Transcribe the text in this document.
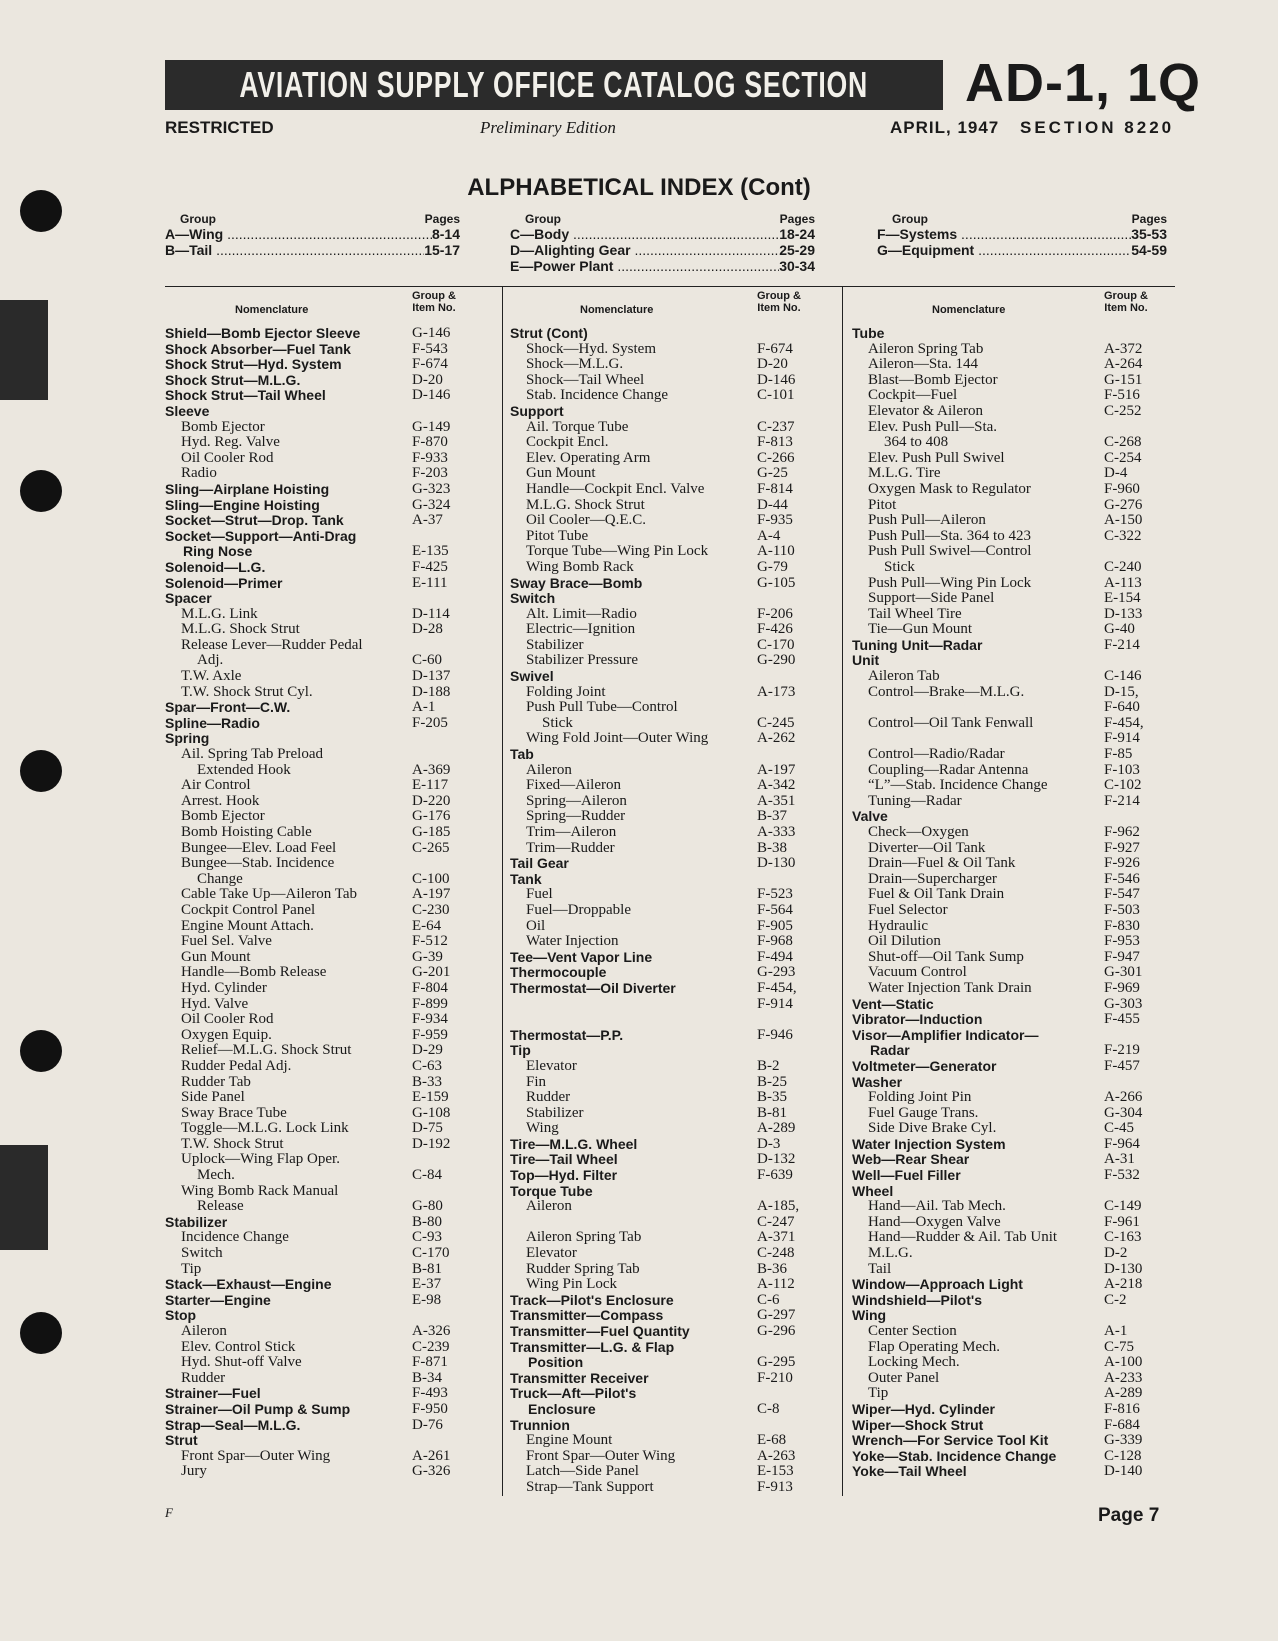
AVIATION SUPPLY OFFICE CATALOG SECTION	AD-1, 1Q
RESTRICTED	Preliminary Edition	APRIL, 1947 SECTION 8220
ALPHABETICAL INDEX (Cont)
Group	Pages
A—Wing .....	8-14
B—Tail .....	15-17
Group	Pages
C—Body .....	18-24
D—Alighting Gear .....	25-29
E—Power Plant .....	30-34
Group	Pages
F—Systems .....	35-53
G—Equipment .....	54-59
Nomenclature
Group &
Item No.
Shield—Bomb Ejector Sleeve	G-146
Shock Absorber—Fuel Tank	F-543
Shock Strut—Hyd. System	F-674
Shock Strut—M.L.G.	D-20
Shock Strut—Tail Wheel	D-146
Sleeve
Bomb Ejector	G-149
Hyd. Reg. Valve	F-870
Oil Cooler Rod	F-933
Radio	F-203
Sling—Airplane Hoisting	G-323
Sling—Engine Hoisting	G-324
Socket—Strut—Drop. Tank	A-37
Socket—Support—Anti-Drag
Ring Nose	E-135
Solenoid—L.G.	F-425
Solenoid—Primer	E-111
Spacer
M.L.G. Link	D-114
M.L.G. Shock Strut	D-28
Release Lever—Rudder Pedal
Adj.	C-60
T.W. Axle	D-137
T.W. Shock Strut Cyl.	D-188
Spar—Front—C.W.	A-1
Spline—Radio	F-205
Spring
Ail. Spring Tab Preload
Extended Hook	A-369
Air Control	E-117
Arrest. Hook	D-220
Bomb Ejector	G-176
Bomb Hoisting Cable	G-185
Bungee—Elev. Load Feel	C-265
Bungee—Stab. Incidence
Change	C-100
Cable Take Up—Aileron Tab	A-197
Cockpit Control Panel	C-230
Engine Mount Attach.	E-64
Fuel Sel. Valve	F-512
Gun Mount	G-39
Handle—Bomb Release	G-201
Hyd. Cylinder	F-804
Hyd. Valve	F-899
Oil Cooler Rod	F-934
Oxygen Equip.	F-959
Relief—M.L.G. Shock Strut	D-29
Rudder Pedal Adj.	C-63
Rudder Tab	B-33
Side Panel	E-159
Sway Brace Tube	G-108
Toggle—M.L.G. Lock Link	D-75
T.W. Shock Strut	D-192
Uplock—Wing Flap Oper.
Mech.	C-84
Wing Bomb Rack Manual
Release	G-80
Stabilizer	B-80
Incidence Change	C-93
Switch	C-170
Tip	B-81
Stack—Exhaust—Engine	E-37
Starter—Engine	E-98
Stop
Aileron	A-326
Elev. Control Stick	C-239
Hyd. Shut-off Valve	F-871
Rudder	B-34
Strainer—Fuel	F-493
Strainer—Oil Pump & Sump	F-950
Strap—Seal—M.L.G.	D-76
Strut
Front Spar—Outer Wing	A-261
Jury	G-326
Nomenclature
Group &
Item No.
Strut (Cont)
Shock—Hyd. System	F-674
Shock—M.L.G.	D-20
Shock—Tail Wheel	D-146
Stab. Incidence Change	C-101
Support
Ail. Torque Tube	C-237
Cockpit Encl.	F-813
Elev. Operating Arm	C-266
Gun Mount	G-25
Handle—Cockpit Encl. Valve	F-814
M.L.G. Shock Strut	D-44
Oil Cooler—Q.E.C.	F-935
Pitot Tube	A-4
Torque Tube—Wing Pin Lock	A-110
Wing Bomb Rack	G-79
Sway Brace—Bomb	G-105
Switch
Alt. Limit—Radio	F-206
Electric—Ignition	F-426
Stabilizer	C-170
Stabilizer Pressure	G-290
Swivel
Folding Joint	A-173
Push Pull Tube—Control
Stick	C-245
Wing Fold Joint—Outer Wing	A-262
Tab
Aileron	A-197
Fixed—Aileron	A-342
Spring—Aileron	A-351
Spring—Rudder	B-37
Trim—Aileron	A-333
Trim—Rudder	B-38
Tail Gear	D-130
Tank
Fuel	F-523
Fuel—Droppable	F-564
Oil	F-905
Water Injection	F-968
Tee—Vent Vapor Line	F-494
Thermocouple	G-293
Thermostat—Oil Diverter	F-454,
F-914
Thermostat—P.P.	F-946
Tip
Elevator	B-2
Fin	B-25
Rudder	B-35
Stabilizer	B-81
Wing	A-289
Tire—M.L.G. Wheel	D-3
Tire—Tail Wheel	D-132
Top—Hyd. Filter	F-639
Torque Tube
Aileron	A-185,
C-247
Aileron Spring Tab	A-371
Elevator	C-248
Rudder Spring Tab	B-36
Wing Pin Lock	A-112
Track—Pilot's Enclosure	C-6
Transmitter—Compass	G-297
Transmitter—Fuel Quantity	G-296
Transmitter—L.G. & Flap
Position	G-295
Transmitter Receiver	F-210
Truck—Aft—Pilot's
Enclosure	C-8
Trunnion
Engine Mount	E-68
Front Spar—Outer Wing	A-263
Latch—Side Panel	E-153
Strap—Tank Support	F-913
Nomenclature
Group &
Item No.
Tube
Aileron Spring Tab	A-372
Aileron—Sta. 144	A-264
Blast—Bomb Ejector	G-151
Cockpit—Fuel	F-516
Elevator & Aileron	C-252
Elev. Push Pull—Sta.
364 to 408	C-268
Elev. Push Pull Swivel	C-254
M.L.G. Tire	D-4
Oxygen Mask to Regulator	F-960
Pitot	G-276
Push Pull—Aileron	A-150
Push Pull—Sta. 364 to 423	C-322
Push Pull Swivel—Control
Stick	C-240
Push Pull—Wing Pin Lock	A-113
Support—Side Panel	E-154
Tail Wheel Tire	D-133
Tie—Gun Mount	G-40
Tuning Unit—Radar	F-214
Unit
Aileron Tab	C-146
Control—Brake—M.L.G.	D-15,
F-640
Control—Oil Tank Fenwall	F-454,
F-914
Control—Radio/Radar	F-85
Coupling—Radar Antenna	F-103
“L”—Stab. Incidence Change	C-102
Tuning—Radar	F-214
Valve
Check—Oxygen	F-962
Diverter—Oil Tank	F-927
Drain—Fuel & Oil Tank	F-926
Drain—Supercharger	F-546
Fuel & Oil Tank Drain	F-547
Fuel Selector	F-503
Hydraulic	F-830
Oil Dilution	F-953
Shut-off—Oil Tank Sump	F-947
Vacuum Control	G-301
Water Injection Tank Drain	F-969
Vent—Static	G-303
Vibrator—Induction	F-455
Visor—Amplifier Indicator—
Radar	F-219
Voltmeter—Generator	F-457
Washer
Folding Joint Pin	A-266
Fuel Gauge Trans.	G-304
Side Dive Brake Cyl.	C-45
Water Injection System	F-964
Web—Rear Shear	A-31
Well—Fuel Filler	F-532
Wheel
Hand—Ail. Tab Mech.	C-149
Hand—Oxygen Valve	F-961
Hand—Rudder & Ail. Tab Unit	C-163
M.L.G.	D-2
Tail	D-130
Window—Approach Light	A-218
Windshield—Pilot's	C-2
Wing
Center Section	A-1
Flap Operating Mech.	C-75
Locking Mech.	A-100
Outer Panel	A-233
Tip	A-289
Wiper—Hyd. Cylinder	F-816
Wiper—Shock Strut	F-684
Wrench—For Service Tool Kit	G-339
Yoke—Stab. Incidence Change	C-128
Yoke—Tail Wheel	D-140
F	Page 7
